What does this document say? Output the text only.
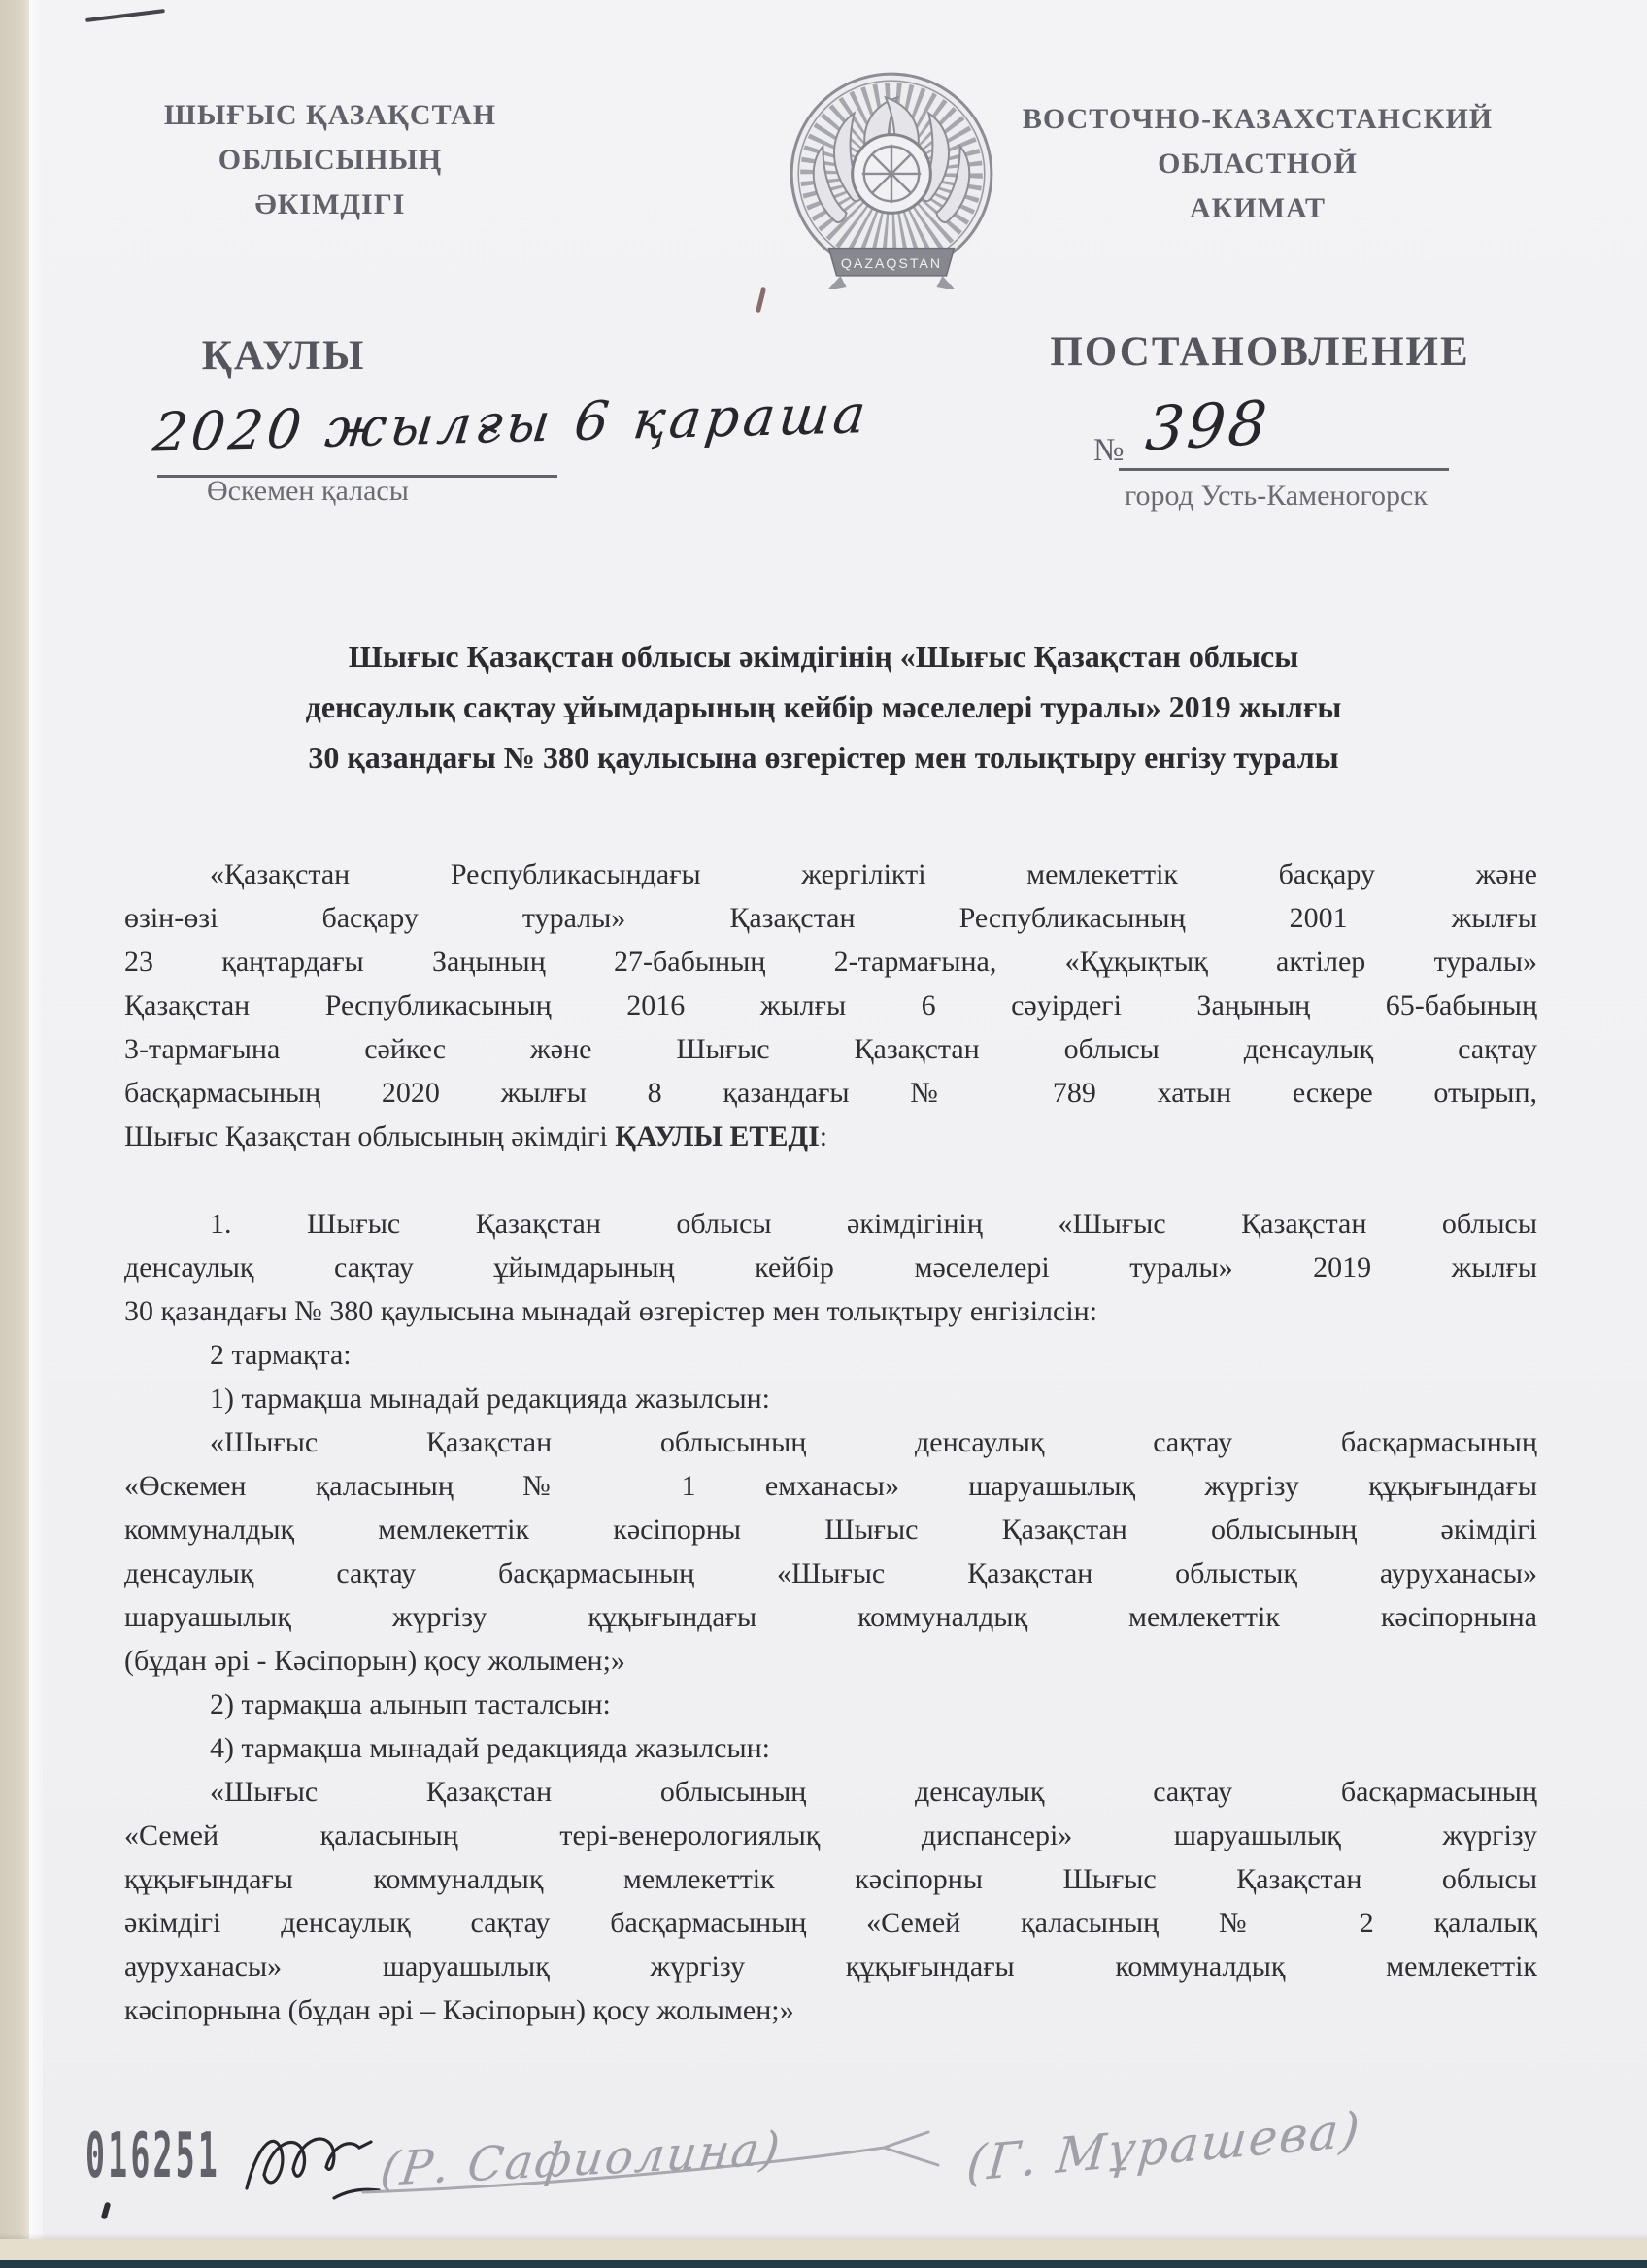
ШЫҒЫС ҚАЗАҚСТАН
ОБЛЫСЫНЫҢ
ӘКІМДІГІ
QAZAQSTAN
ВОСТОЧНО-КАЗАХСТАНСКИЙ
ОБЛАСТНОЙ
АКИМАТ
ҚАУЛЫ	ПОСТАНОВЛЕНИЕ
2020 жылғы 6 қараша
Өскемен қаласы
№ 398
город Усть-Каменогорск
Шығыс Қазақстан облысы әкімдігінің «Шығыс Қазақстан облысы
денсаулық сақтау ұйымдарының кейбір мәселелері туралы» 2019 жылғы
30 қазандағы № 380 қаулысына өзгерістер мен толықтыру енгізу туралы
«Қазақстан Республикасындағы жергілікті мемлекеттік басқару және
өзін-өзі басқару туралы» Қазақстан Республикасының 2001 жылғы
23 қаңтардағы Заңының 27-бабының 2-тармағына, «Құқықтық актілер туралы»
Қазақстан Республикасының 2016 жылғы 6 сәуірдегі Заңының 65-бабының
3-тармағына сәйкес және Шығыс Қазақстан облысы денсаулық сақтау
басқармасының 2020 жылғы 8 қазандағы № 789 хатын ескере отырып,
Шығыс Қазақстан облысының әкімдігі ҚАУЛЫ ЕТЕДІ:
1. Шығыс Қазақстан облысы әкімдігінің «Шығыс Қазақстан облысы
денсаулық сақтау ұйымдарының кейбір мәселелері туралы» 2019 жылғы
30 қазандағы № 380 қаулысына мынадай өзгерістер мен толықтыру енгізілсін:
2 тармақта:
1) тармақша мынадай редакцияда жазылсын:
«Шығыс Қазақстан облысының денсаулық сақтау басқармасының
«Өскемен қаласының № 1 емханасы» шаруашылық жүргізу құқығындағы
коммуналдық мемлекеттік кәсіпорны Шығыс Қазақстан облысының әкімдігі
денсаулық сақтау басқармасының «Шығыс Қазақстан облыстық ауруханасы»
шаруашылық жүргізу құқығындағы коммуналдық мемлекеттік кәсіпорнына
(бұдан әрі - Кәсіпорын) қосу жолымен;»
2) тармақша алынып тасталсын:
4) тармақша мынадай редакцияда жазылсын:
«Шығыс Қазақстан облысының денсаулық сақтау басқармасының
«Семей қаласының тері-венерологиялық диспансері» шаруашылық жүргізу
құқығындағы коммуналдық мемлекеттік кәсіпорны Шығыс Қазақстан облысы
әкімдігі денсаулық сақтау басқармасының «Семей қаласының № 2 қалалық
ауруханасы» шаруашылық жүргізу құқығындағы коммуналдық мемлекеттік
кәсіпорнына (бұдан әрі – Кәсіпорын) қосу жолымен;»
016251	(Р. Сафиолина)	(Г. Мұрашева)
